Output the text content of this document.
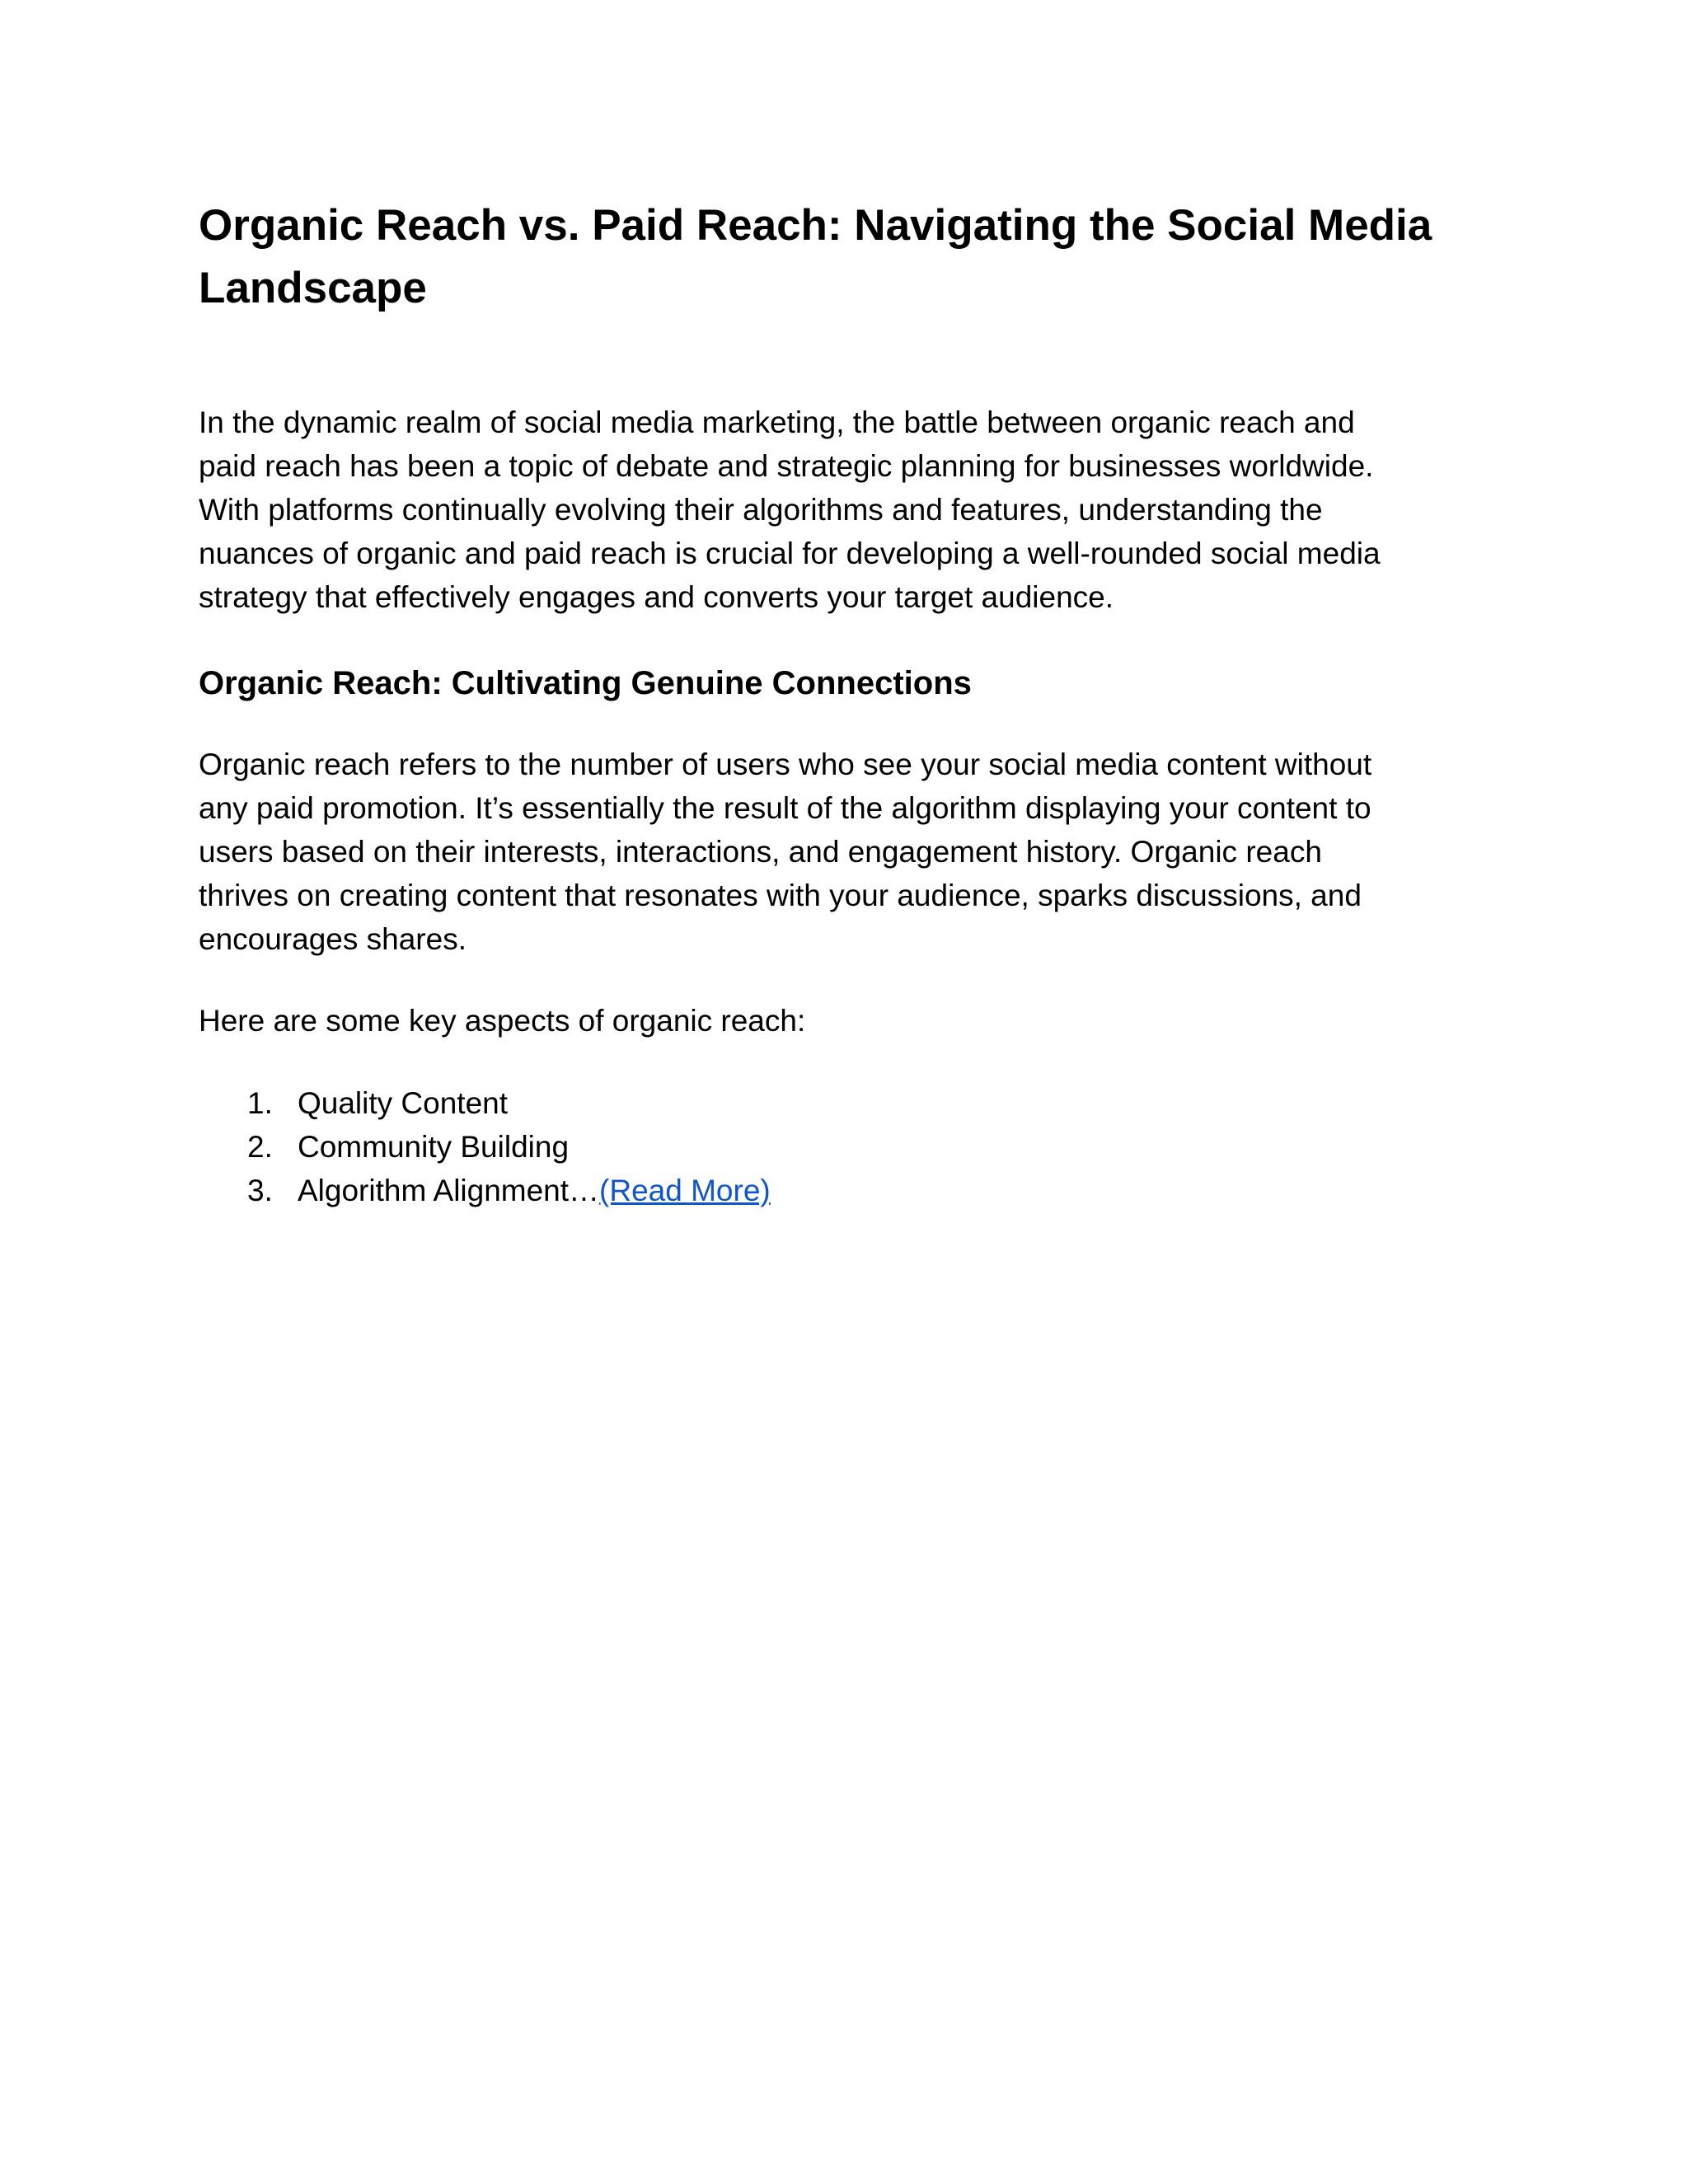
Organic Reach vs. Paid Reach: Navigating the Social Media Landscape

In the dynamic realm of social media marketing, the battle between organic reach and
paid reach has been a topic of debate and strategic planning for businesses worldwide.
With platforms continually evolving their algorithms and features, understanding the
nuances of organic and paid reach is crucial for developing a well-rounded social media
strategy that effectively engages and converts your target audience.

Organic Reach: Cultivating Genuine Connections

Organic reach refers to the number of users who see your social media content without
any paid promotion. It’s essentially the result of the algorithm displaying your content to
users based on their interests, interactions, and engagement history. Organic reach
thrives on creating content that resonates with your audience, sparks discussions, and
encourages shares.

Here are some key aspects of organic reach:

1. Quality Content
2. Community Building
3. Algorithm Alignment…(Read More)
